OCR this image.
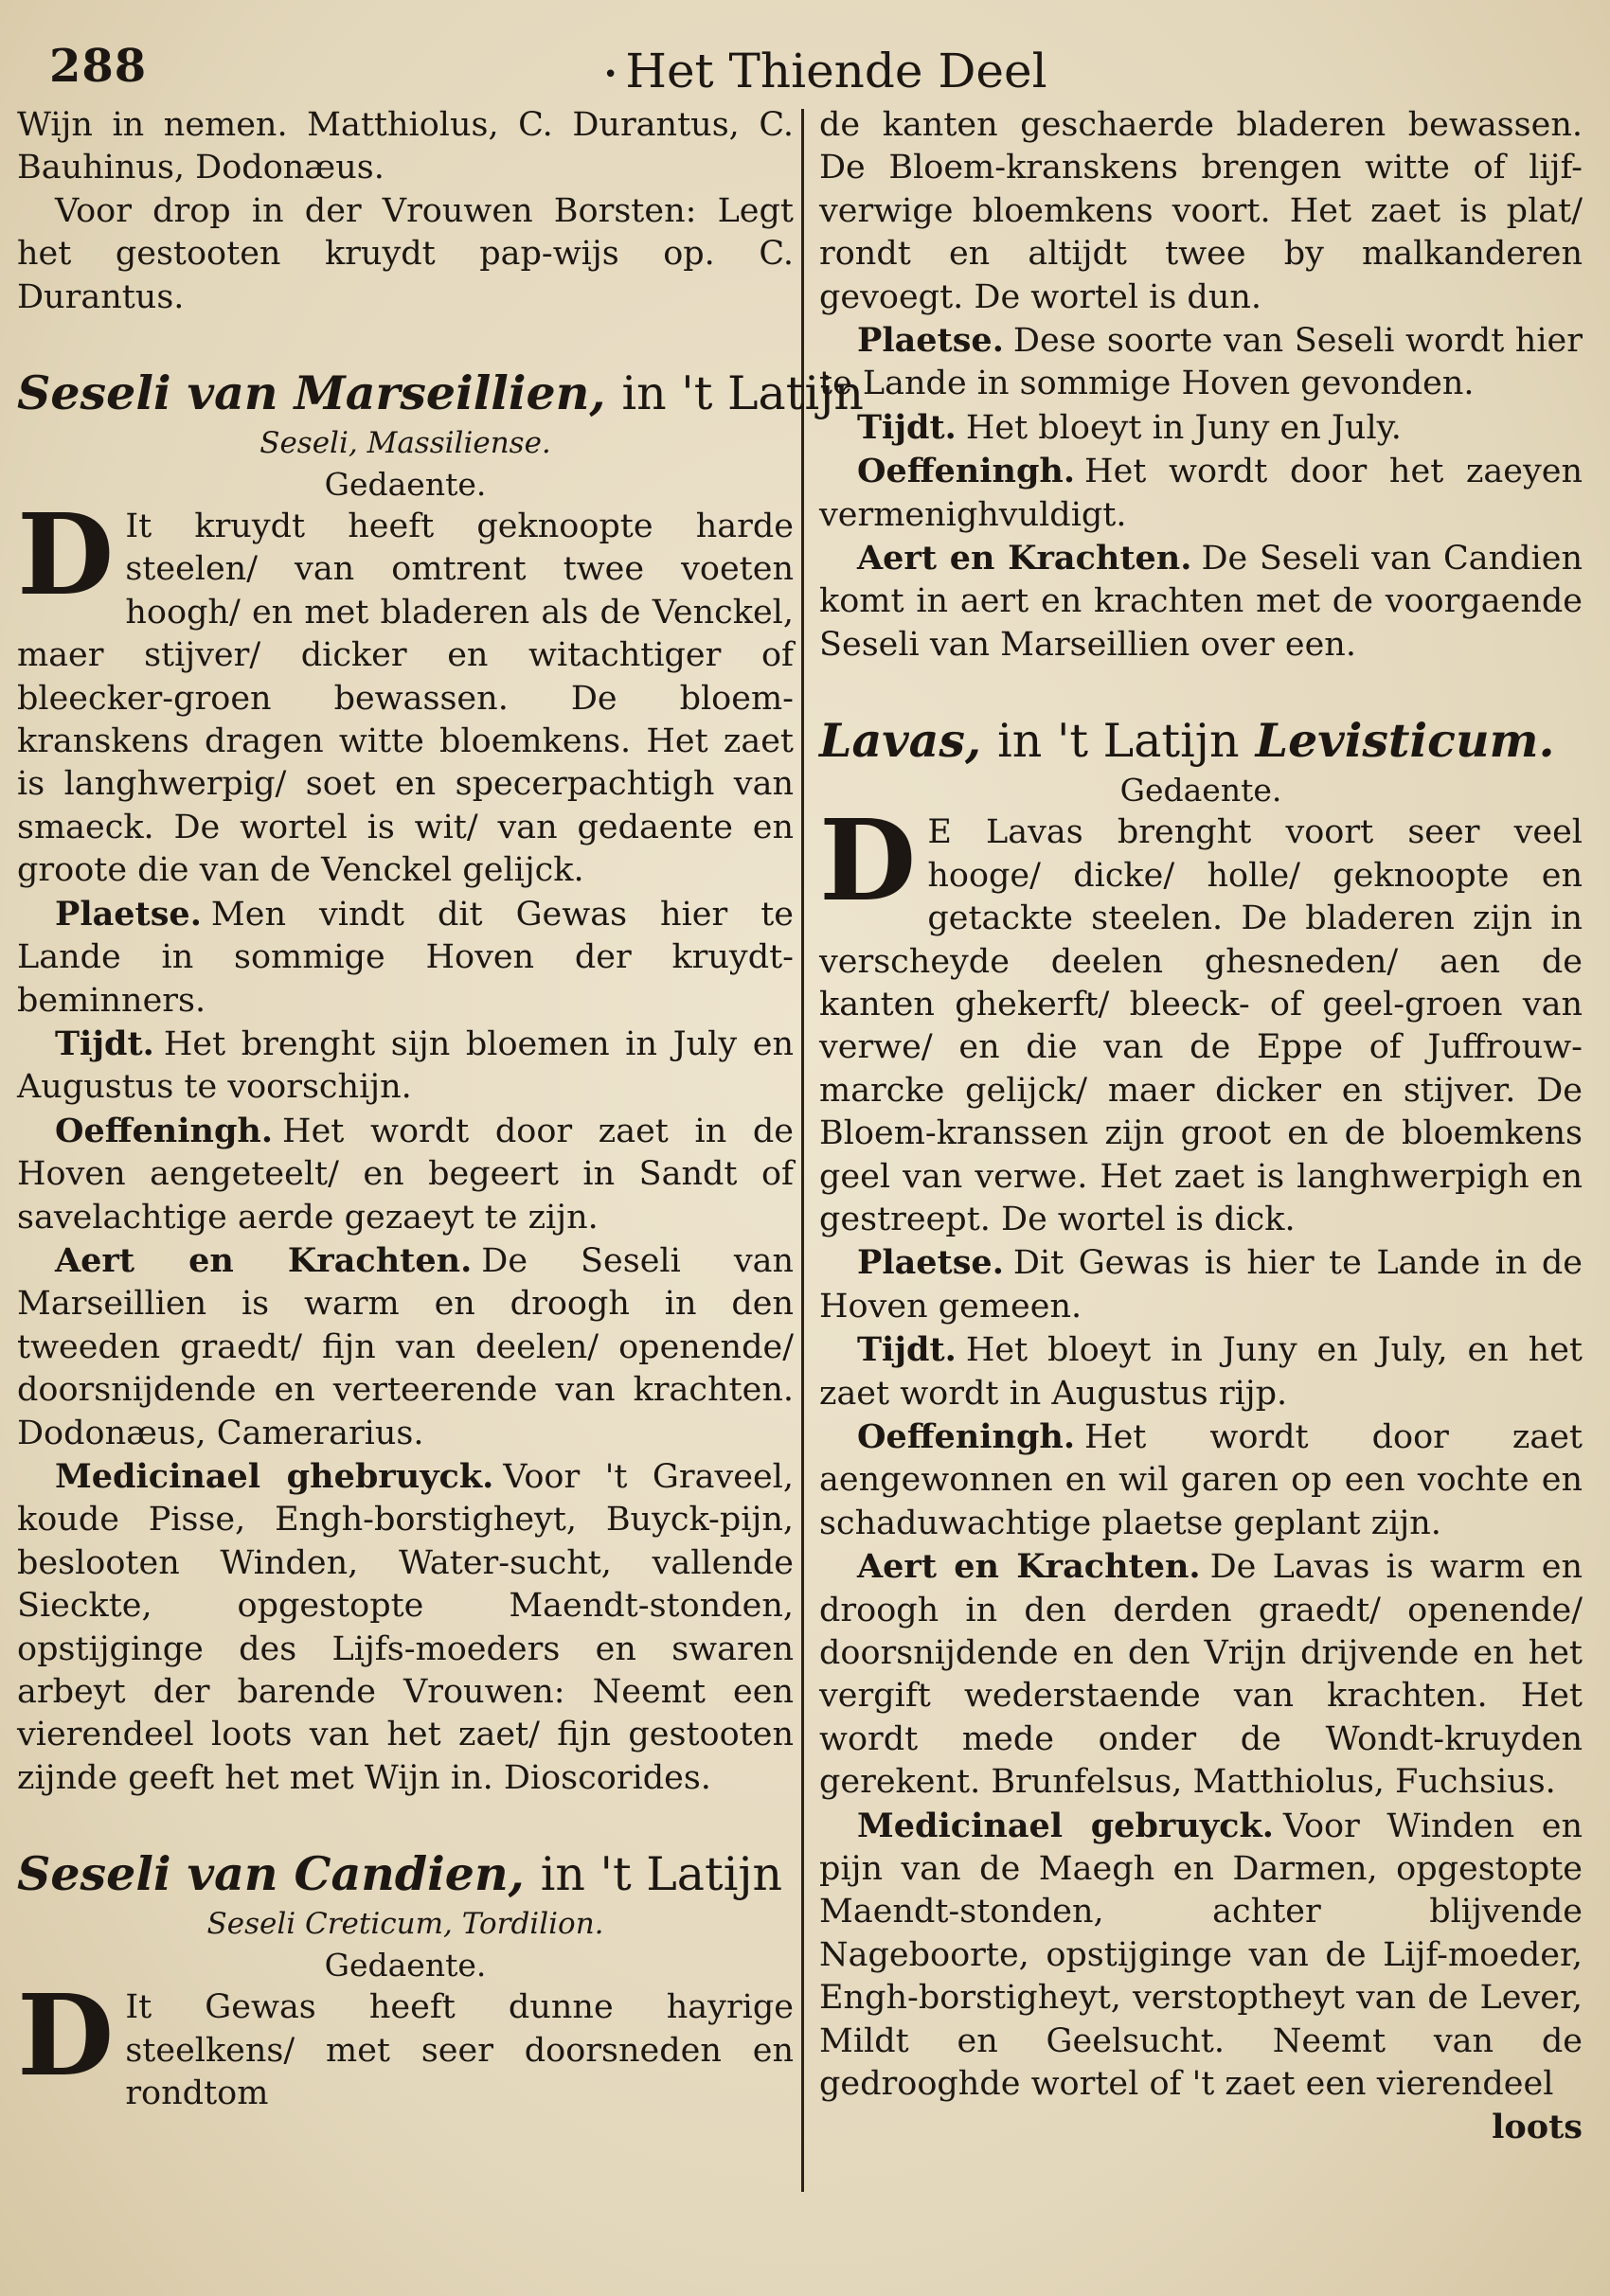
288
•	Het Thiende Deel

Wijn in nemen. Matthiolus, C. Durantus, C. Bauhinus, Dodonæus.

Voor drop in der Vrouwen Borsten: Legt het gestooten kruydt pap-wijs op. C. Durantus.

Seseli van Marseillien, in 't Latijn

Seseli, Massiliense.

Gedaente.

D It kruydt heeft geknoopte harde steelen/ van omtrent twee voeten hoogh/ en met bladeren als de Venckel, maer stijver/ dicker en witachtiger of bleecker-groen bewassen. De bloem-kranskens dragen witte bloemkens. Het zaet is langhwerpig/ soet en specerpachtigh van smaeck. De wortel is wit/ van gedaente en groote die van de Venckel gelijck.

Plaetse. Men vindt dit Gewas hier te Lande in sommige Hoven der kruydt-beminners.

Tijdt. Het brenght sijn bloemen in July en Augustus te voorschijn.

Oeffeningh. Het wordt door zaet in de Hoven aengeteelt/ en begeert in Sandt of savelachtige aerde gezaeyt te zijn.

Aert en Krachten. De Seseli van Marseillien is warm en droogh in den tweeden graedt/ fijn van deelen/ openende/ doorsnijdende en verteerende van krachten. Dodonæus, Camerarius.

Medicinael ghebruyck. Voor 't Graveel, koude Pisse, Engh-borstigheyt, Buyck-pijn, beslooten Winden, Water-sucht, vallende Sieckte, opgestopte Maendt-stonden, opstijginge des Lijfs-moeders en swaren arbeyt der barende Vrouwen: Neemt een vierendeel loots van het zaet/ fijn gestooten zijnde geeft het met Wijn in. Dioscorides.

Seseli van Candien, in 't Latijn

Seseli Creticum, Tordilion.

Gedaente.

D It Gewas heeft dunne hayrige steelkens/ met seer doorsneden en rondtom

de kanten geschaerde bladeren bewassen. De Bloem-kranskens brengen witte of lijf-verwige bloemkens voort. Het zaet is plat/ rondt en altijdt twee by malkanderen gevoegt. De wortel is dun.

Plaetse. Dese soorte van Seseli wordt hier te Lande in sommige Hoven gevonden.

Tijdt. Het bloeyt in Juny en July.

Oeffeningh. Het wordt door het zaeyen vermenighvuldigt.

Aert en Krachten. De Seseli van Candien komt in aert en krachten met de voorgaende Seseli van Marseillien over een.

Lavas, in 't Latijn Levisticum.

Gedaente.

D E Lavas brenght voort seer veel hooge/ dicke/ holle/ geknoopte en getackte steelen. De bladeren zijn in verscheyde deelen ghesneden/ aen de kanten ghekerft/ bleeck- of geel-groen van verwe/ en die van de Eppe of Juffrouw-marcke gelijck/ maer dicker en stijver. De Bloem-kranssen zijn groot en de bloemkens geel van verwe. Het zaet is langhwerpigh en gestreept. De wortel is dick.

Plaetse. Dit Gewas is hier te Lande in de Hoven gemeen.

Tijdt. Het bloeyt in Juny en July, en het zaet wordt in Augustus rijp.

Oeffeningh. Het wordt door zaet aengewonnen en wil garen op een vochte en schaduwachtige plaetse geplant zijn.

Aert en Krachten. De Lavas is warm en droogh in den derden graedt/ openende/ doorsnijdende en den Vrijn drijvende en het vergift wederstaende van krachten. Het wordt mede onder de Wondt-kruyden gerekent. Brunfelsus, Matthiolus, Fuchsius.

Medicinael gebruyck. Voor Winden en pijn van de Maegh en Darmen, opgestopte Maendt-stonden, achter blijvende Nageboorte, opstijginge van de Lijf-moeder, Engh-borstigheyt, verstoptheyt van de Lever, Mildt en Geelsucht. Neemt van de gedrooghde wortel of 't zaet een vierendeel

loots
